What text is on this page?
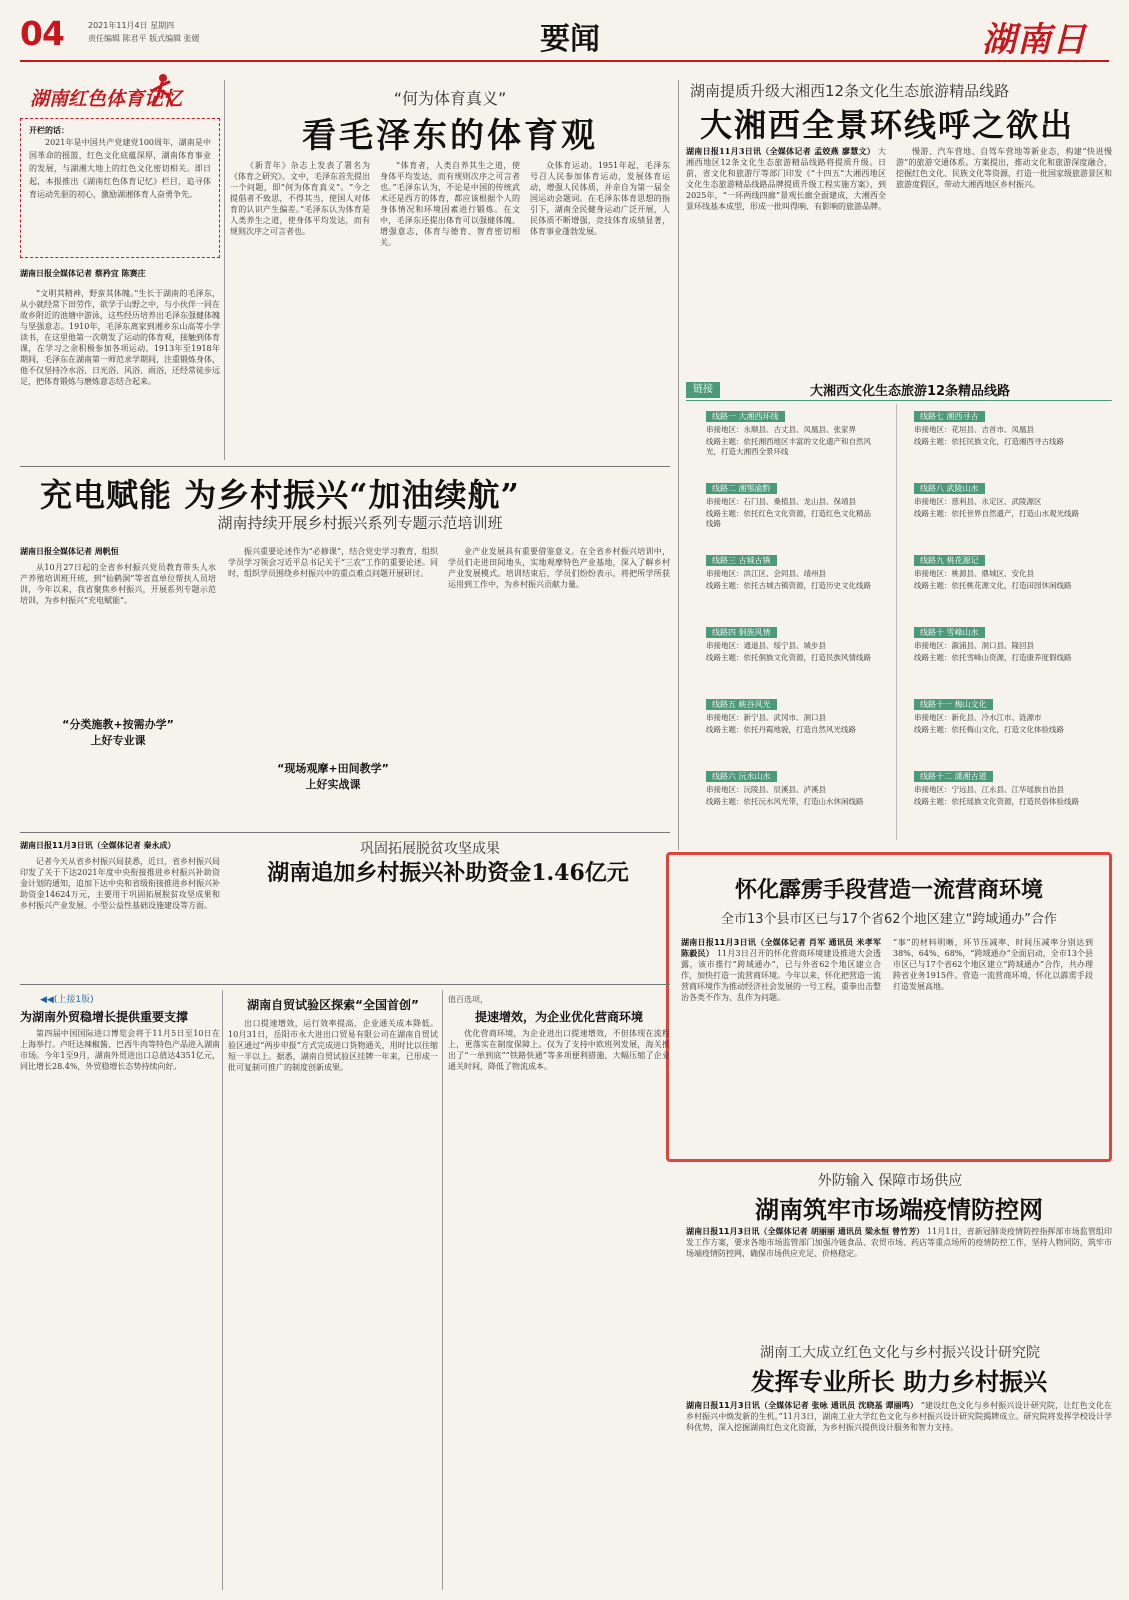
04	2021年11月4日 星期四
责任编辑 陈君平 版式编辑 张媛	要闻	湖南日
湖南红色体育记忆
开栏的话：
2021年是中国共产党建党100周年，湖南是中国革命的摇篮，红色文化底蕴深厚，湖南体育事业的发展，与湖湘大地上的红色文化密切相关。即日起，本报推出《湖南红色体育记忆》栏目，追寻体育运动先驱的初心，激励湖湘体育人奋勇争先。
湖南日报全媒体记者 蔡矜宜 陈赛庄
“文明其精神，野蛮其体魄。”生长于湖南的毛泽东，从小就经常下田劳作，欲学于山野之中，与小伙伴一同在故乡附近的池塘中游泳，这些经历培养出毛泽东强健体魄与坚强意志。1910年，毛泽东离家到湘乡东山高等小学读书，在这里他第一次萌发了运动的体育观，接触到体育课，在学习之余积极参加各项运动。1913年至1918年期间，毛泽东在湖南第一师范求学期间，注重锻炼身体，他不仅坚持冷水浴、日光浴、风浴、雨浴，还经常徒步远足，把体育锻炼与磨炼意志结合起来。
“何为体育真义”
看毛泽东的体育观
《新青年》杂志上发表了署名为《体育之研究》。文中，毛泽东首先提出一个问题，即“何为体育真义”。“今之提倡者不致思，不得其当，使国人对体育的认识产生偏差。”毛泽东认为体育是人类养生之道，使身体平均发达，而有规则次序之可言者也。
“体育者，人类自养其生之道，使身体平均发达，而有规则次序之可言者也。”毛泽东认为，不论是中国的传统武术还是西方的体育，都应该根据个人的身体情况和环境因素进行锻炼。在文中，毛泽东还提出体育可以强健体魄、增强意志，体育与德育、智育密切相关。
众体育运动。1951年起，毛泽东号召人民参加体育运动，发展体育运动，增强人民体质，并亲自为第一届全国运动会题词。在毛泽东体育思想的指引下，湖南全民健身运动广泛开展，人民体质不断增强，竞技体育成绩显著，体育事业蓬勃发展。
湖南提质升级大湘西12条文化生态旅游精品线路
大湘西全景环线呼之欲出
湖南日报11月3日讯（全媒体记者 孟姣燕 廖慧文） 大湘西地区12条文化生态旅游精品线路将提质升级。日前，省文化和旅游厅等部门印发《“十四五”大湘西地区文化生态旅游精品线路品牌提质升级工程实施方案》，到2025年，“一环两线四廊”景观长廊全面建成，大湘西全景环线基本成型，形成一批叫得响、有影响的旅游品牌。
慢游、汽车营地、自驾车营地等新业态，构建“快进慢游”的旅游交通体系。方案提出，推动文化和旅游深度融合，挖掘红色文化、民族文化等资源，打造一批国家级旅游景区和旅游度假区，带动大湘西地区乡村振兴。
链接	大湘西文化生态旅游12条精品线路
线路一 大湘西环线
串接地区：永顺县、古丈县、凤凰县、张家界
线路主题：依托湘西地区丰富的文化遗产和自然风光，打造大湘西全景环线
线路二 湘鄂渝黔
串接地区：石门县、桑植县、龙山县、保靖县
线路主题：依托红色文化资源，打造红色文化精品线路
线路三 古城古镇
串接地区：洪江区、会同县、靖州县
线路主题：依托古城古镇资源，打造历史文化线路
线路四 侗族风情
串接地区：通道县、绥宁县、城步县
线路主题：依托侗族文化资源，打造民族风情线路
线路五 峡谷风光
串接地区：新宁县、武冈市、洞口县
线路主题：依托丹霞地貌，打造自然风光线路
线路六 沅水山水
串接地区：沅陵县、辰溪县、泸溪县
线路主题：依托沅水风光带，打造山水休闲线路
线路七 湘西寻古
串接地区：花垣县、吉首市、凤凰县
线路主题：依托民族文化，打造湘西寻古线路
线路八 武陵山水
串接地区：慈利县、永定区、武陵源区
线路主题：依托世界自然遗产，打造山水观光线路
线路九 桃花源记
串接地区：桃源县、鼎城区、安化县
线路主题：依托桃花源文化，打造田园休闲线路
线路十 雪峰山水
串接地区：溆浦县、洞口县、隆回县
线路主题：依托雪峰山资源，打造康养度假线路
线路十一 梅山文化
串接地区：新化县、冷水江市、涟源市
线路主题：依托梅山文化，打造文化体验线路
线路十二 潇湘古道
串接地区：宁远县、江永县、江华瑶族自治县
线路主题：依托瑶族文化资源，打造民俗体验线路
充电赋能 为乡村振兴“加油续航”
湖南持续开展乡村振兴系列专题示范培训班
湖南日报全媒体记者 周帆恒
从10月27日起的全省乡村振兴党员教育带头人水产养殖培训班开班，到“仙鹤洞”等省直单位帮扶人员培训，今年以来，我省聚焦乡村振兴，开展系列专题示范培训，为乡村振兴“充电赋能”。
“分类施教+按需办学”
上好专业课
振兴重要论述作为“必修课”，结合党史学习教育，组织学员学习领会习近平总书记关于“三农”工作的重要论述。同时，组织学员围绕乡村振兴中的重点难点问题开展研讨。
“现场观摩+田间教学”
上好实战课
业产业发展具有重要借鉴意义。在全省乡村振兴培训中，学员们走进田间地头，实地观摩特色产业基地，深入了解乡村产业发展模式。培训结束后，学员们纷纷表示，将把所学所获运用到工作中，为乡村振兴贡献力量。
湖南日报11月3日讯（全媒体记者 秦永成）
记者今天从省乡村振兴局获悉，近日，省乡村振兴局印发了关于下达2021年度中央衔接推进乡村振兴补助资金计划的通知，追加下达中央和省级衔接推进乡村振兴补助资金14624万元，主要用于巩固拓展脱贫攻坚成果和乡村振兴产业发展、小型公益性基础设施建设等方面。
巩固拓展脱贫攻坚成果
湖南追加乡村振兴补助资金1.46亿元
怀化霹雳手段营造一流营商环境
全市13个县市区已与17个省62个地区建立“跨域通办”合作
湖南日报11月3日讯（全媒体记者 肖军 通讯员 米孝军 陈毅民） 11月3日召开的怀化营商环境建设推进大会透露，该市推行“跨域通办”，已与外省62个地区建立合作，加快打造一流营商环境。今年以来，怀化把营造一流营商环境作为推动经济社会发展的一号工程，重拳出击整治各类不作为、乱作为问题。
“事”的材料明晰，环节压减率、时间压减率分别达到38%、64%、68%，“跨域通办”全面启动，全市13个县市区已与17个省62个地区建立“跨域通办”合作，共办理跨省业务1915件。营造一流营商环境，怀化以霹雳手段打造发展高地。
外防输入 保障市场供应
湖南筑牢市场端疫情防控网
湖南日报11月3日讯（全媒体记者 胡丽丽 通讯员 梁永恒 曾竹芳） 11月1日，省新冠肺炎疫情防控指挥部市场监管组印发工作方案，要求各地市场监管部门加强冷链食品、农贸市场、药店等重点场所的疫情防控工作，坚持人物同防，筑牢市场端疫情防控网，确保市场供应充足、价格稳定。
湖南工大成立红色文化与乡村振兴设计研究院
发挥专业所长 助力乡村振兴
湖南日报11月3日讯（全媒体记者 张咏 通讯员 沈晓基 谭丽鸣） “建设红色文化与乡村振兴设计研究院，让红色文化在乡村振兴中焕发新的生机。”11月3日，湖南工业大学红色文化与乡村振兴设计研究院揭牌成立。研究院将发挥学校设计学科优势，深入挖掘湖南红色文化资源，为乡村振兴提供设计服务和智力支持。
◀◀(上接1版)
为湖南外贸稳增长提供重要支撑
第四届中国国际进口博览会将于11月5日至10日在上海举行。卢旺达辣椒酱、巴西牛肉等特色产品进入湖南市场。今年1至9月，湖南外贸进出口总值达4351亿元，同比增长28.4%，外贸稳增长态势持续向好。
湖南自贸试验区探索“全国首创”
出口提速增效，运行效率提高，企业通关成本降低。10月31日，岳阳市永大进出口贸易有限公司在湖南自贸试验区通过“两步申报”方式完成进口货物通关，用时比以往缩短一半以上。据悉，湖南自贸试验区挂牌一年来，已形成一批可复制可推广的制度创新成果。
值百选项，
提速增效，为企业优化营商环境
优化营商环境，为企业进出口提速增效，不但体现在流程上，更落实在制度保障上。仅为了支持中欧班列发展，海关推出了“一单到底”“铁路快通”等多项便利措施，大幅压缩了企业通关时间，降低了物流成本。
